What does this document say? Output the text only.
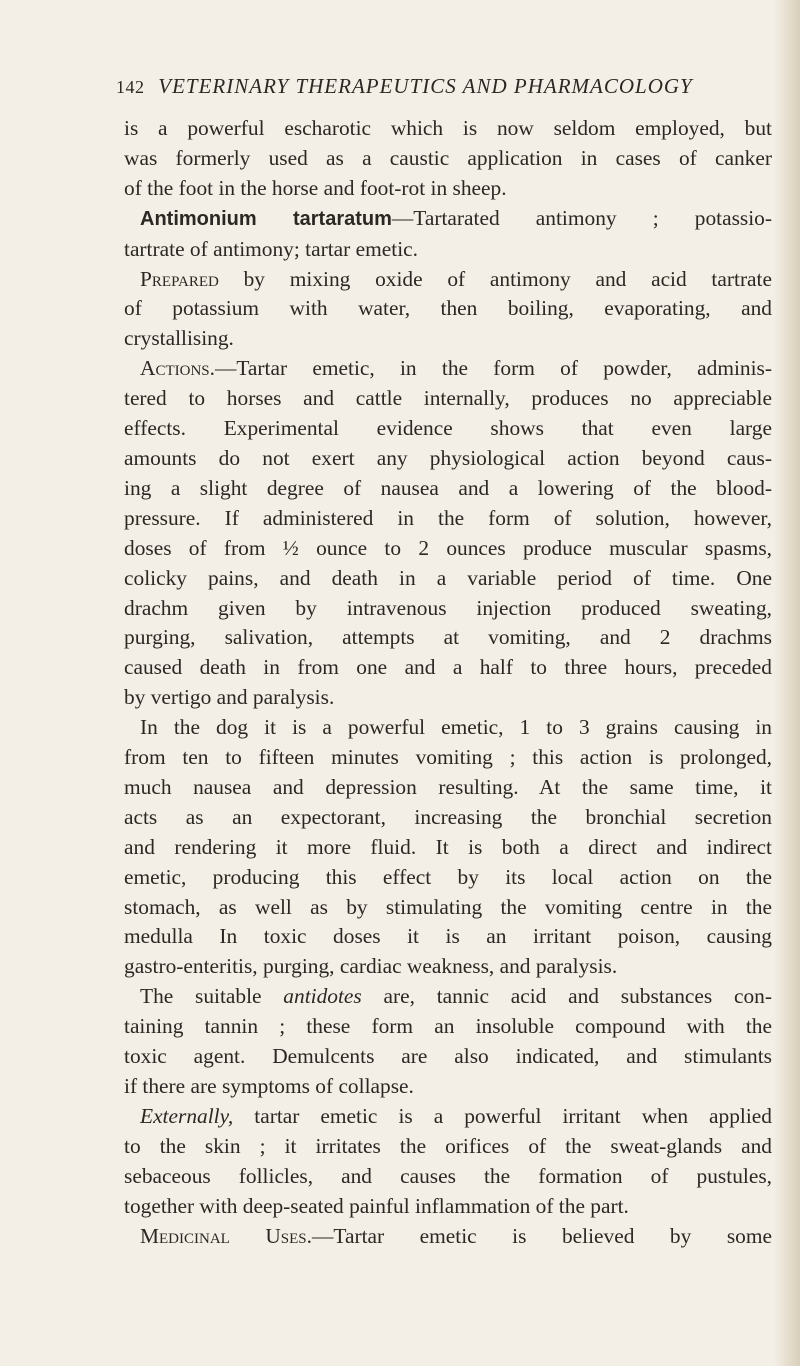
142 VETERINARY THERAPEUTICS AND PHARMACOLOGY
is a powerful escharotic which is now seldom employed, but
was formerly used as a caustic application in cases of canker
of the foot in the horse and foot-rot in sheep.
Antimonium tartaratum—Tartarated antimony ; potassio-
tartrate of antimony; tartar emetic.
Prepared by mixing oxide of antimony and acid tartrate
of potassium with water, then boiling, evaporating, and
crystallising.
Actions.—Tartar emetic, in the form of powder, adminis-
tered to horses and cattle internally, produces no appreciable
effects. Experimental evidence shows that even large
amounts do not exert any physiological action beyond caus-
ing a slight degree of nausea and a lowering of the blood-
pressure. If administered in the form of solution, however,
doses of from ½ ounce to 2 ounces produce muscular spasms,
colicky pains, and death in a variable period of time. One
drachm given by intravenous injection produced sweating,
purging, salivation, attempts at vomiting, and 2 drachms
caused death in from one and a half to three hours, preceded
by vertigo and paralysis.
In the dog it is a powerful emetic, 1 to 3 grains causing in
from ten to fifteen minutes vomiting ; this action is prolonged,
much nausea and depression resulting. At the same time, it
acts as an expectorant, increasing the bronchial secretion
and rendering it more fluid. It is both a direct and indirect
emetic, producing this effect by its local action on the
stomach, as well as by stimulating the vomiting centre in the
medulla In toxic doses it is an irritant poison, causing
gastro-enteritis, purging, cardiac weakness, and paralysis.
The suitable antidotes are, tannic acid and substances con-
taining tannin ; these form an insoluble compound with the
toxic agent. Demulcents are also indicated, and stimulants
if there are symptoms of collapse.
Externally, tartar emetic is a powerful irritant when applied
to the skin ; it irritates the orifices of the sweat-glands and
sebaceous follicles, and causes the formation of pustules,
together with deep-seated painful inflammation of the part.
Medicinal Uses.—Tartar emetic is believed by some
